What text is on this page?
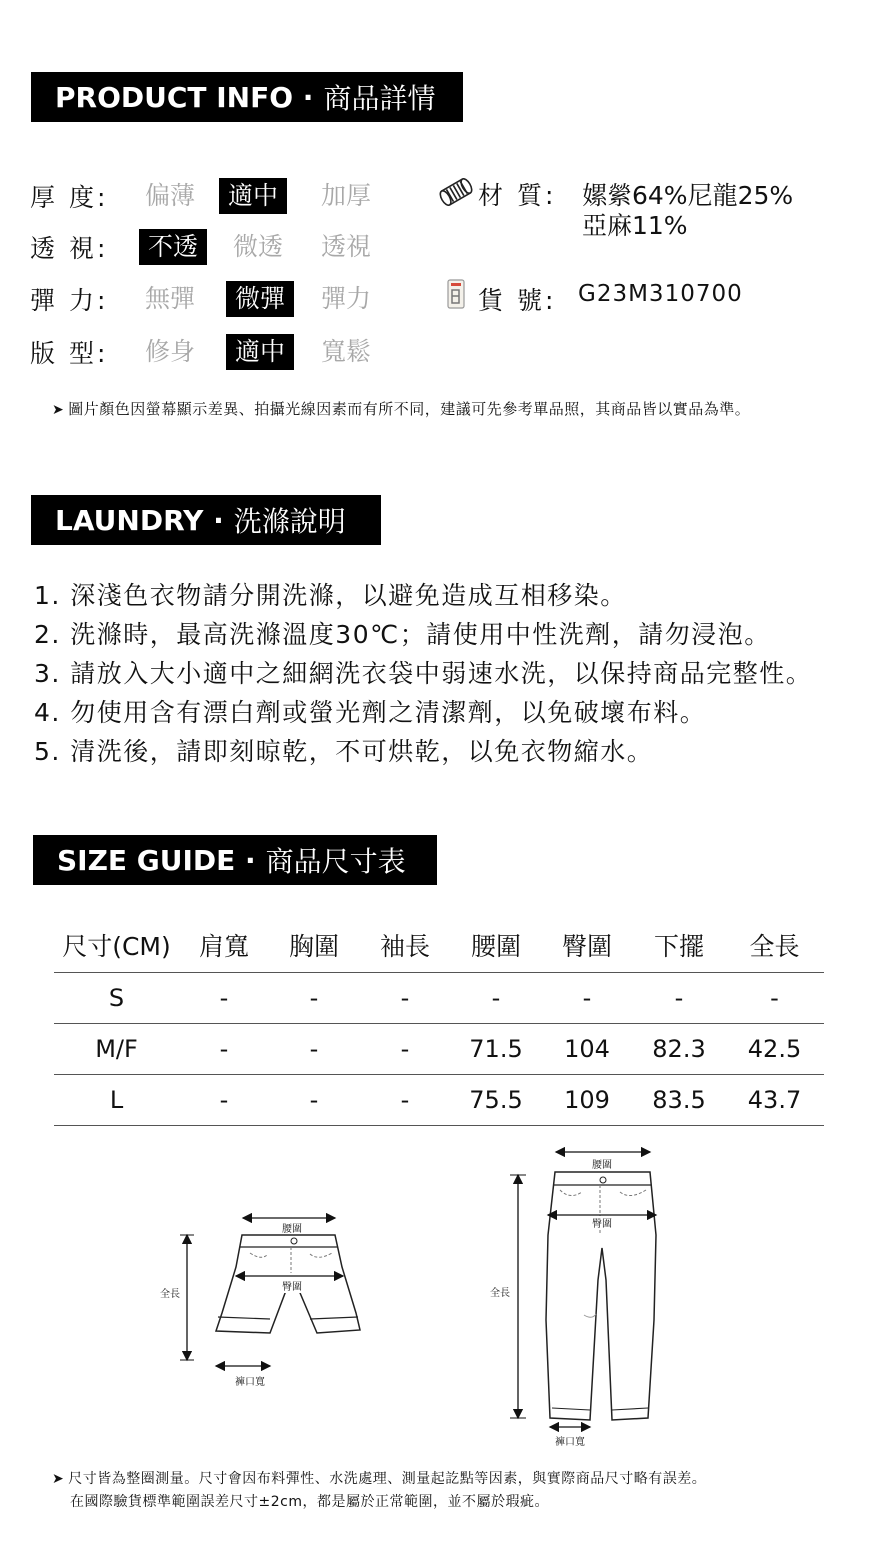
PRODUCT INFO · 商品詳情
厚 度:	偏薄	適中	加厚
透 視:	不透	微透	透視
彈 力:	無彈	微彈	彈力
版 型:	修身	適中	寬鬆
材 質: 嫘縈64%尼龍25%
亞麻11%
貨 號: G23M310700
➤ 圖片顏色因螢幕顯示差異、拍攝光線因素而有所不同，建議可先參考單品照，其商品皆以實品為準。
LAUNDRY · 洗滌說明
1. 深淺色衣物請分開洗滌，以避免造成互相移染。
2. 洗滌時，最高洗滌溫度30℃；請使用中性洗劑，請勿浸泡。
3. 請放入大小適中之細網洗衣袋中弱速水洗，以保持商品完整性。
4. 勿使用含有漂白劑或螢光劑之清潔劑，以免破壞布料。
5. 清洗後，請即刻晾乾，不可烘乾，以免衣物縮水。
SIZE GUIDE · 商品尺寸表
尺寸(CM)	肩寬	胸圍	袖長	腰圍	臀圍	下擺	全長
S	-	-	-	-	-	-	-
M/F	-	-	-	71.5	104	82.3	42.5
L	-	-	-	75.5	109	83.5	43.7
腰圍
臀圍
全長
褲口寬
腰圍
臀圍
全長
褲口寬
➤ 尺寸皆為整圈測量。尺寸會因布料彈性、水洗處理、測量起訖點等因素，與實際商品尺寸略有誤差。
在國際驗貨標準範圍誤差尺寸±2cm，都是屬於正常範圍，並不屬於瑕疵。
